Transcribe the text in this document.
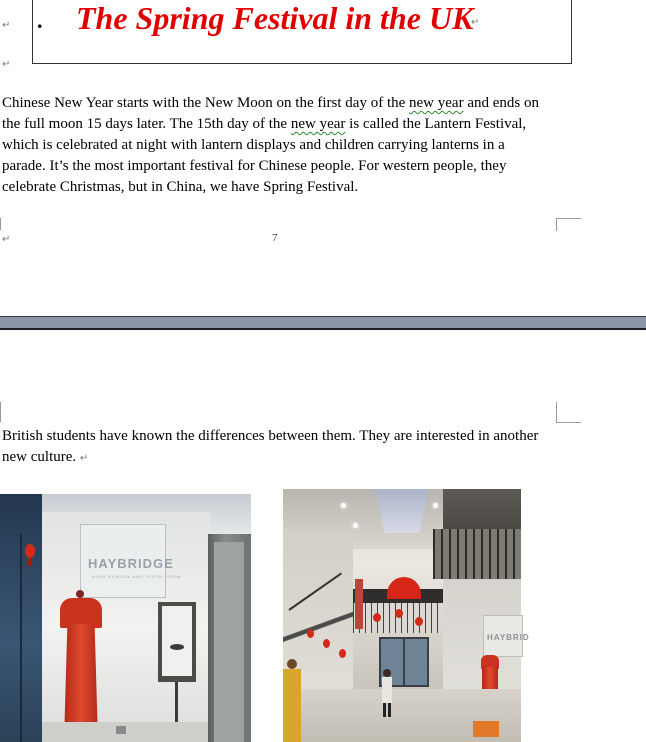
↵
↵
. The Spring Festival in the UK
↵
Chinese New Year starts with the New Moon on the first day of the new year and ends on the full moon 15 days later. The 15th day of the new year is called the Lantern Festival, which is celebrated at night with lantern displays and children carrying lanterns in a parade. It’s the most important festival for Chinese people. For western people, they celebrate Christmas, but in China, we have Spring Festival.
↵	7
British students have known the differences between them. They are interested in another new culture. ↵
HAYBRIDGE
HIGH SCHOOL AND SIXTH FORM
HAYBRID
